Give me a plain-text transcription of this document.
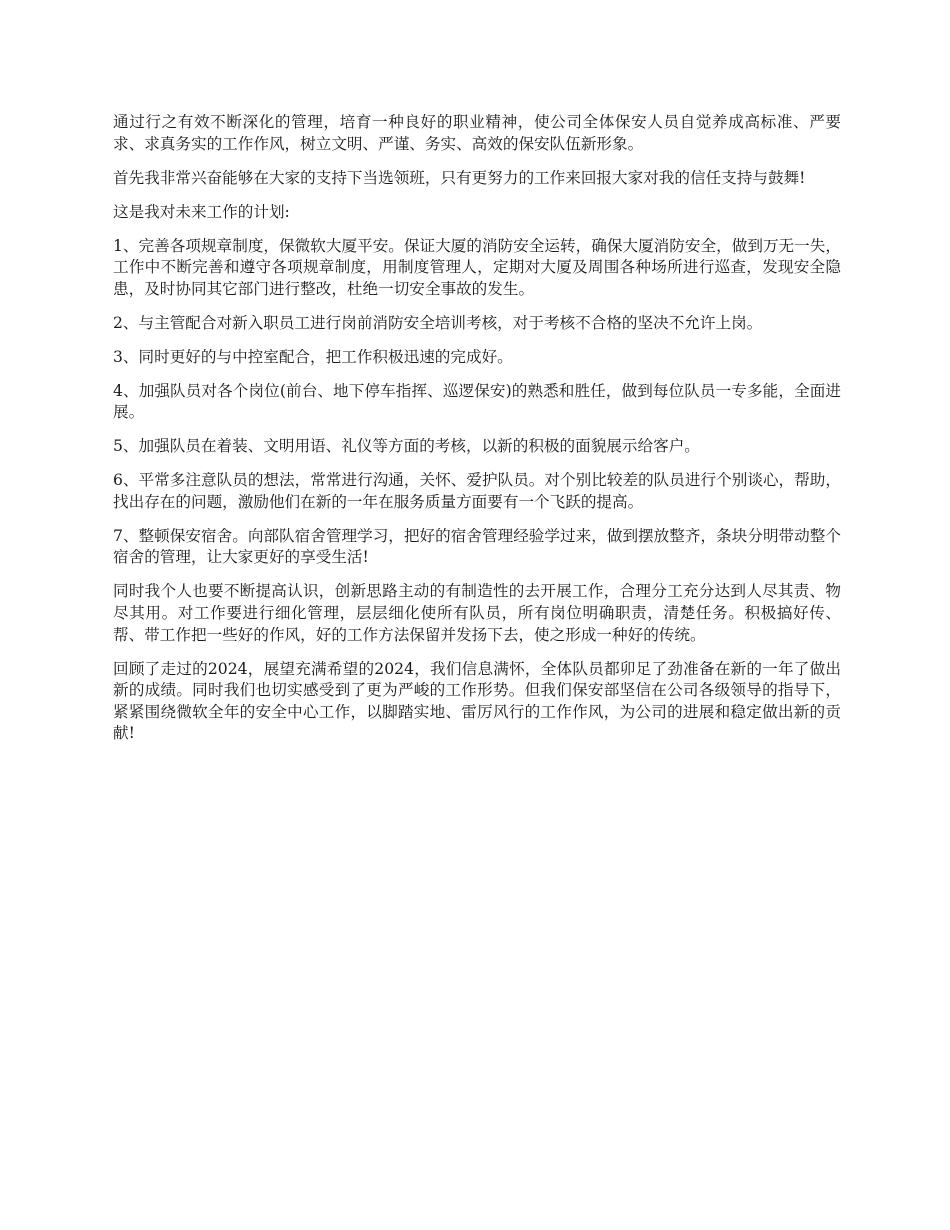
通过行之有效不断深化的管理，培育一种良好的职业精神，使公司全体保安人员自觉养成高标准、严要求、求真务实的工作作风，树立文明、严谨、务实、高效的保安队伍新形象。

首先我非常兴奋能够在大家的支持下当选领班，只有更努力的工作来回报大家对我的信任支持与鼓舞!

这是我对未来工作的计划:

1、完善各项规章制度，保微软大厦平安。保证大厦的消防安全运转，确保大厦消防安全，做到万无一失，工作中不断完善和遵守各项规章制度，用制度管理人，定期对大厦及周围各种场所进行巡查，发现安全隐患，及时协同其它部门进行整改，杜绝一切安全事故的发生。

2、与主管配合对新入职员工进行岗前消防安全培训考核，对于考核不合格的坚决不允许上岗。

3、同时更好的与中控室配合，把工作积极迅速的完成好。

4、加强队员对各个岗位(前台、地下停车指挥、巡逻保安)的熟悉和胜任，做到每位队员一专多能，全面进展。

5、加强队员在着装、文明用语、礼仪等方面的考核，以新的积极的面貌展示给客户。

6、平常多注意队员的想法，常常进行沟通，关怀、爱护队员。对个别比较差的队员进行个别谈心，帮助，找出存在的问题，激励他们在新的一年在服务质量方面要有一个飞跃的提高。

7、整顿保安宿舍。向部队宿舍管理学习，把好的宿舍管理经验学过来，做到摆放整齐，条块分明带动整个宿舍的管理，让大家更好的享受生活!

同时我个人也要不断提高认识，创新思路主动的有制造性的去开展工作，合理分工充分达到人尽其责、物尽其用。对工作要进行细化管理，层层细化使所有队员，所有岗位明确职责，清楚任务。积极搞好传、帮、带工作把一些好的作风，好的工作方法保留并发扬下去，使之形成一种好的传统。

回顾了走过的2024，展望充满希望的2024，我们信息满怀，全体队员都卯足了劲准备在新的一年了做出新的成绩。同时我们也切实感受到了更为严峻的工作形势。但我们保安部坚信在公司各级领导的指导下，紧紧围绕微软全年的安全中心工作，以脚踏实地、雷厉风行的工作作风，为公司的进展和稳定做出新的贡献!
